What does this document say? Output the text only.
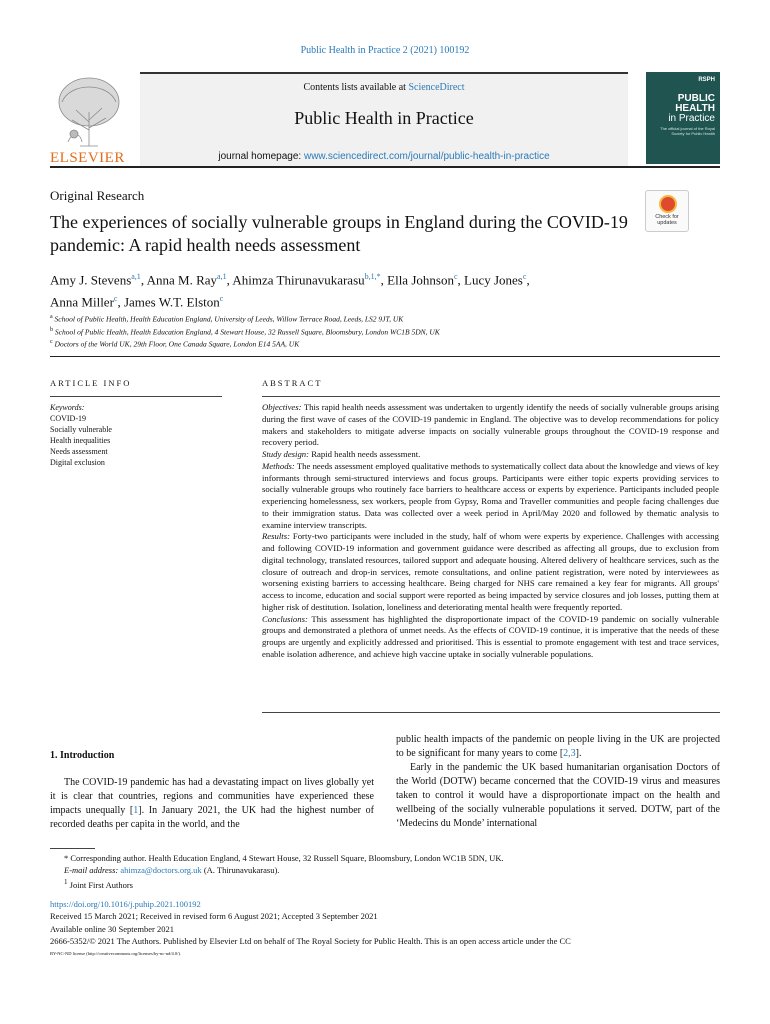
Public Health in Practice 2 (2021) 100192
ELSEVIER
Contents lists available at ScienceDirect
Public Health in Practice
journal homepage: www.sciencedirect.com/journal/public-health-in-practice
RSPH
PUBLIC
HEALTH
in Practice
The official journal of the Royal Society for Public Health
Original Research
The experiences of socially vulnerable groups in England during the COVID-19 pandemic: A rapid health needs assessment
Check for
updates
Amy J. Stevens$^{a,1}$, Anna M. Ray$^{a,1}$, Ahimza Thirunavukarasu$^{b,1,*}$, Ella Johnson$^c$, Lucy Jones$^c$,
Anna Miller$^c$, James W.T. Elston$^c$
$^a$ School of Public Health, Health Education England, University of Leeds, Willow Terrace Road, Leeds, LS2 9JT, UK
$^b$ School of Public Health, Health Education England, 4 Stewart House, 32 Russell Square, Bloomsbury, London WC1B 5DN, UK
$^c$ Doctors of the World UK, 29th Floor, One Canada Square, London E14 5AA, UK
ARTICLE INFO	ABSTRACT
Keywords:
COVID-19
Socially vulnerable
Health inequalities
Needs assessment
Digital exclusion

Objectives: This rapid health needs assessment was undertaken to urgently identify the needs of socially vulnerable groups arising during the first wave of cases of the COVID-19 pandemic in England. The objective was to develop recommendations for policy makers and stakeholders to mitigate adverse impacts on socially vulnerable groups throughout the COVID-19 response and recovery period.

Study design: Rapid health needs assessment.

Methods: The needs assessment employed qualitative methods to systematically collect data about the knowledge and views of key informants through semi-structured interviews and focus groups. Participants were either topic experts providing services to socially vulnerable groups who routinely face barriers to healthcare access or experts by experience. Participants included people experiencing homelessness, sex workers, people from Gypsy, Roma and Traveller communities and people facing challenges due to their immigration status. Data was collected over a week period in April/May 2020 and followed by thematic analysis to examine interview transcripts.

Results: Forty-two participants were included in the study, half of whom were experts by experience. Challenges with accessing and following COVID-19 information and government guidance were described as affecting all groups, due to exclusion from digital technology, translated resources, tailored support and adequate housing. Altered delivery of healthcare services, such as the closure of outreach and drop-in services, remote consultations, and online patient registration, were noted by interviewees as worsening existing barriers to accessing healthcare. Being charged for NHS care remained a key fear for migrants. All groups' access to income, education and social support were reported as being impacted by service closures and job losses, putting them at higher risk of destitution. Isolation, loneliness and deteriorating mental health were frequently reported.

Conclusions: This assessment has highlighted the disproportionate impact of the COVID-19 pandemic on socially vulnerable groups and demonstrated a plethora of unmet needs. As the effects of COVID-19 continue, it is imperative that the needs of these groups are urgently and explicitly addressed and prioritised. This is essential to promote engagement with test and trace services, enable isolation adherence, and achieve high vaccine uptake in socially vulnerable populations.

1. Introduction

The COVID-19 pandemic has had a devastating impact on lives globally yet it is clear that countries, regions and communities have experienced these impacts unequally [1]. In January 2021, the UK had the highest number of recorded deaths per capita in the world, and the

public health impacts of the pandemic on people living in the UK are projected to be significant for many years to come [2,3].

Early in the pandemic the UK based humanitarian organisation Doctors of the World (DOTW) became concerned that the COVID-19 virus and measures taken to control it would have a disproportionate impact on the health and wellbeing of the socially vulnerable populations it served. DOTW, part of the ‘Medecins du Monde’ international

* Corresponding author. Health Education England, 4 Stewart House, 32 Russell Square, Bloomsbury, London WC1B 5DN, UK.
E-mail address: ahimza@doctors.org.uk (A. Thirunavukarasu).
$^1$ Joint First Authors
https://doi.org/10.1016/j.puhip.2021.100192
Received 15 March 2021; Received in revised form 6 August 2021; Accepted 3 September 2021
Available online 30 September 2021
2666-5352/© 2021 The Authors. Published by Elsevier Ltd on behalf of The Royal Society for Public Health. This is an open access article under the CC
BY-NC-ND license (http://creativecommons.org/licenses/by-nc-nd/4.0/).
